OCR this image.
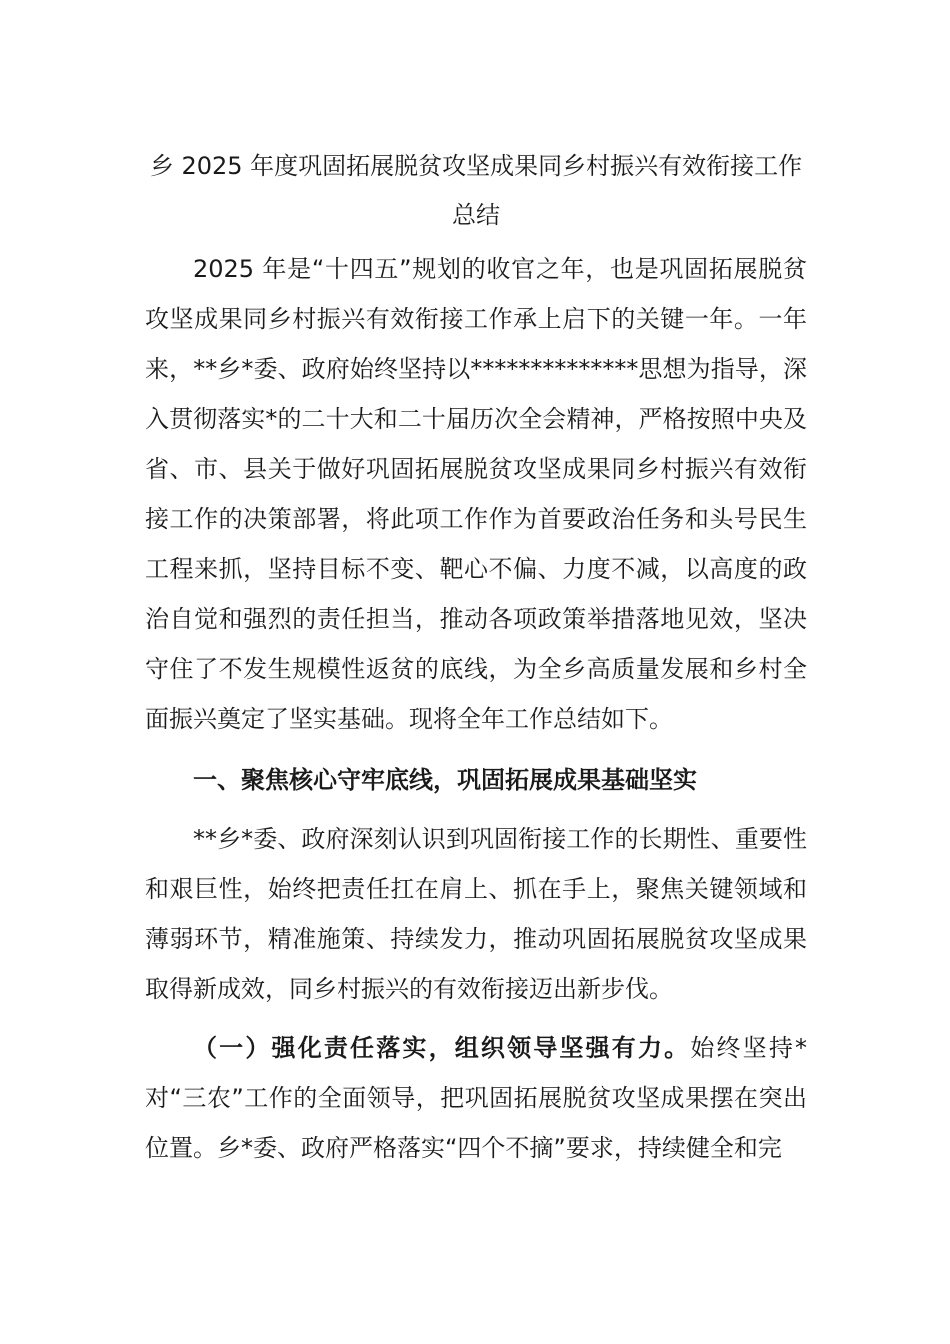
乡 2025 年度巩固拓展脱贫攻坚成果同乡村振兴有效衔接工作总结

2025 年是“十四五”规划的收官之年，也是巩固拓展脱贫攻坚成果同乡村振兴有效衔接工作承上启下的关键一年。一年来，**乡*委、政府始终坚持以**************思想为指导，深入贯彻落实*的二十大和二十届历次全会精神，严格按照中央及省、市、县关于做好巩固拓展脱贫攻坚成果同乡村振兴有效衔接工作的决策部署，将此项工作作为首要政治任务和头号民生工程来抓，坚持目标不变、靶心不偏、力度不减，以高度的政治自觉和强烈的责任担当，推动各项政策举措落地见效，坚决守住了不发生规模性返贫的底线，为全乡高质量发展和乡村全面振兴奠定了坚实基础。现将全年工作总结如下。

一、聚焦核心守牢底线，巩固拓展成果基础坚实

**乡*委、政府深刻认识到巩固衔接工作的长期性、重要性和艰巨性，始终把责任扛在肩上、抓在手上，聚焦关键领域和薄弱环节，精准施策、持续发力，推动巩固拓展脱贫攻坚成果取得新成效，同乡村振兴的有效衔接迈出新步伐。

（一）强化责任落实，组织领导坚强有力。始终坚持*对“三农”工作的全面领导，把巩固拓展脱贫攻坚成果摆在突出位置。乡*委、政府严格落实“四个不摘”要求，持续健全和完
